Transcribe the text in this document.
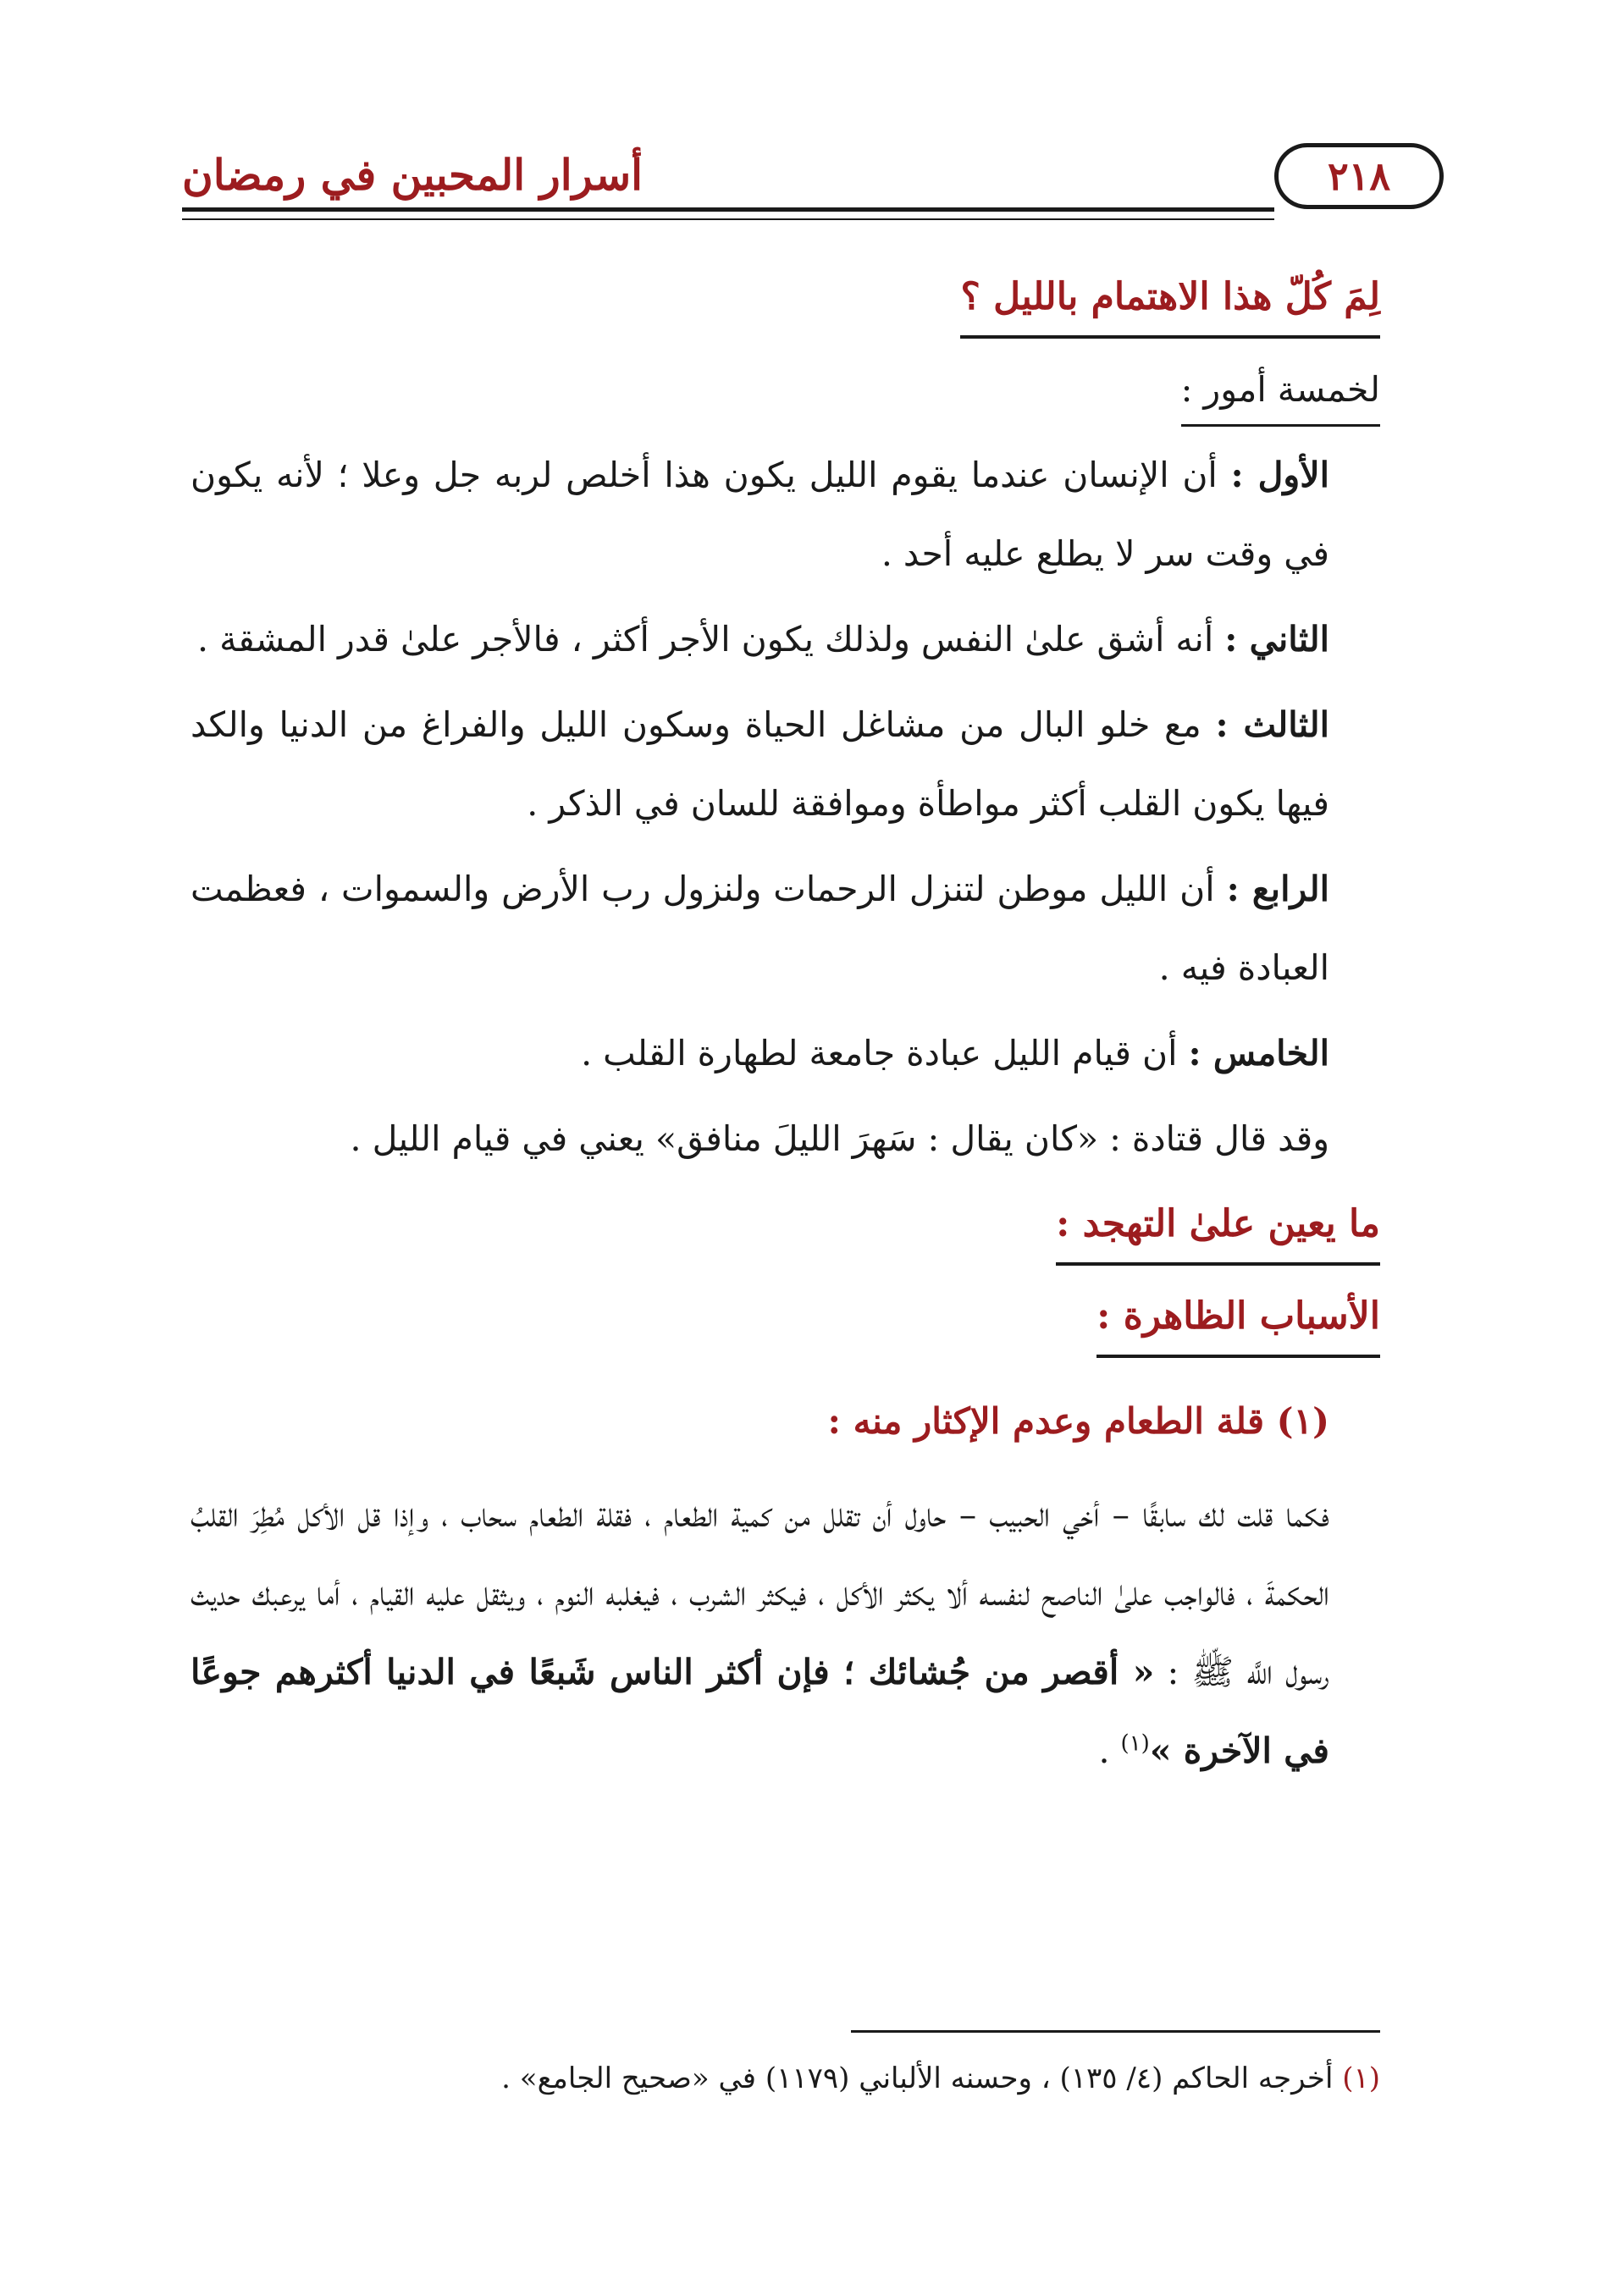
٢١٨
أسرار المحبين في رمضان
لِمَ كُلّ هذا الاهتمام بالليل ؟

لخمسة أمور :

الأول : أن الإنسان عندما يقوم الليل يكون هذا أخلص لربه جل وعلا ؛ لأنه يكون في وقت سر لا يطلع عليه أحد .

الثاني : أنه أشق علىٰ النفس ولذلك يكون الأجر أكثر ، فالأجر علىٰ قدر المشقة .

الثالث : مع خلو البال من مشاغل الحياة وسكون الليل والفراغ من الدنيا والكد فيها يكون القلب أكثر مواطأة وموافقة للسان في الذكر .

الرابع : أن الليل موطن لتنزل الرحمات ولنزول رب الأرض والسموات ، فعظمت العبادة فيه .

الخامس : أن قيام الليل عبادة جامعة لطهارة القلب .

وقد قال قتادة : «كان يقال : سَهرَ الليلَ منافق» يعني في قيام الليل .

ما يعين علىٰ التهجد :
الأسباب الظاهرة :

(١) قلة الطعام وعدم الإكثار منه :

فكما قلت لك سابقًا – أخي الحبيب – حاول أن تقلل من كمية الطعام ، فقلة الطعام سحاب ، وإذا قل الأكل مُطِرَ القلبُ الحكمةَ ، فالواجب علىٰ الناصح لنفسه ألا يكثر الأكل ، فيكثر الشرب ، فيغلبه النوم ، ويثقل عليه القيام ، أما يرعبك حديث رسول اللَّه ﷺ : « أقصر من جُشائك ؛ فإن أكثر الناس شَبعًا في الدنيا أكثرهم جوعًا في الآخرة »$^{(١)}$ .

(١) أخرجه الحاكم (٤/ ١٣٥) ، وحسنه الألباني (١١٧٩) في «صحيح الجامع» .
